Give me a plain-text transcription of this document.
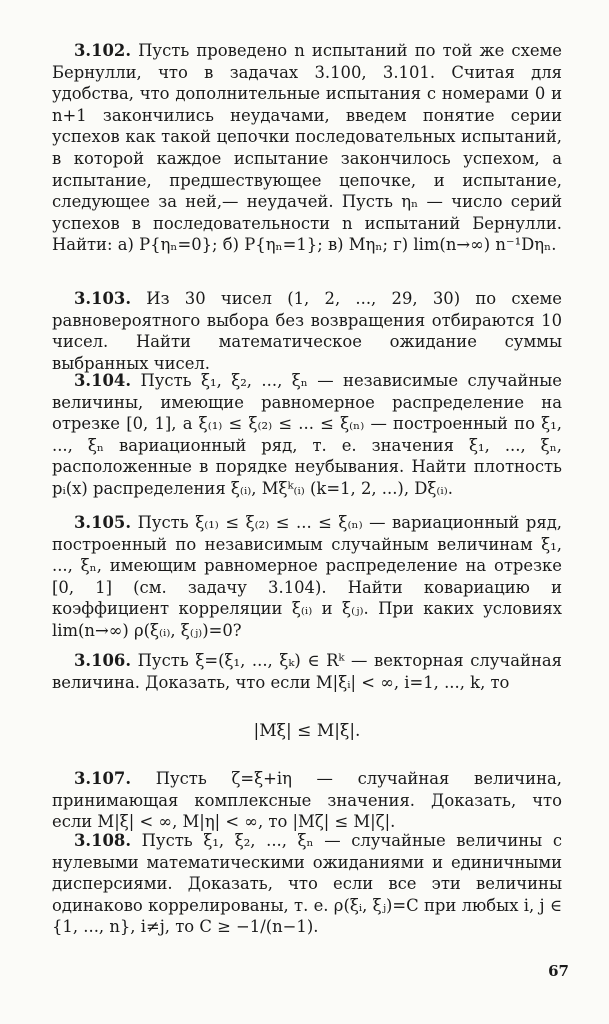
3.102. Пусть проведено n испытаний по той же схеме Бернулли, что в задачах 3.100, 3.101. Считая для удобства, что дополнительные испытания с номерами 0 и n+1 закончились неудачами, введем понятие серии успехов как такой цепочки последовательных испытаний, в которой каждое испытание закончилось успехом, а испытание, предшествующее цепочке, и испытание, следующее за ней,— неудачей. Пусть ηₙ — число серий успехов в последовательности n испытаний Бернулли. Найти: а) P{ηₙ=0}; б) P{ηₙ=1}; в) Mηₙ; г) lim(n→∞) n⁻¹Dηₙ.

3.103. Из 30 чисел (1, 2, ..., 29, 30) по схеме равновероятного выбора без возвращения отбираются 10 чисел. Найти математическое ожидание суммы выбранных чисел.

3.104. Пусть ξ₁, ξ₂, ..., ξₙ — независимые случайные величины, имеющие равномерное распределение на отрезке [0, 1], а ξ₍₁₎ ≤ ξ₍₂₎ ≤ ... ≤ ξ₍ₙ₎ — построенный по ξ₁, ..., ξₙ вариационный ряд, т. е. значения ξ₁, ..., ξₙ, расположенные в порядке неубывания. Найти плотность pᵢ(x) распределения ξ₍ᵢ₎, Mξᵏ₍ᵢ₎ (k=1, 2, ...), Dξ₍ᵢ₎.

3.105. Пусть ξ₍₁₎ ≤ ξ₍₂₎ ≤ ... ≤ ξ₍ₙ₎ — вариационный ряд, построенный по независимым случайным величинам ξ₁, ..., ξₙ, имеющим равномерное распределение на отрезке [0, 1] (см. задачу 3.104). Найти ковариацию и коэффициент корреляции ξ₍ᵢ₎ и ξ₍ⱼ₎. При каких условиях lim(n→∞) ρ(ξ₍ᵢ₎, ξ₍ⱼ₎)=0?

3.106. Пусть ξ=(ξ₁, ..., ξₖ) ∈ Rᵏ — векторная случайная величина. Доказать, что если M|ξᵢ| < ∞, i=1, ..., k, то

|Mξ| ≤ M|ξ|.

3.107. Пусть ζ=ξ+iη — случайная величина, принимающая комплексные значения. Доказать, что если M|ξ| < ∞, M|η| < ∞, то |Mζ| ≤ M|ζ|.

3.108. Пусть ξ₁, ξ₂, ..., ξₙ — случайные величины с нулевыми математическими ожиданиями и единичными дисперсиями. Доказать, что если все эти величины одинаково коррелированы, т. е. ρ(ξᵢ, ξⱼ)=C при любых i, j ∈ {1, ..., n}, i≠j, то C ≥ −1/(n−1).

67
